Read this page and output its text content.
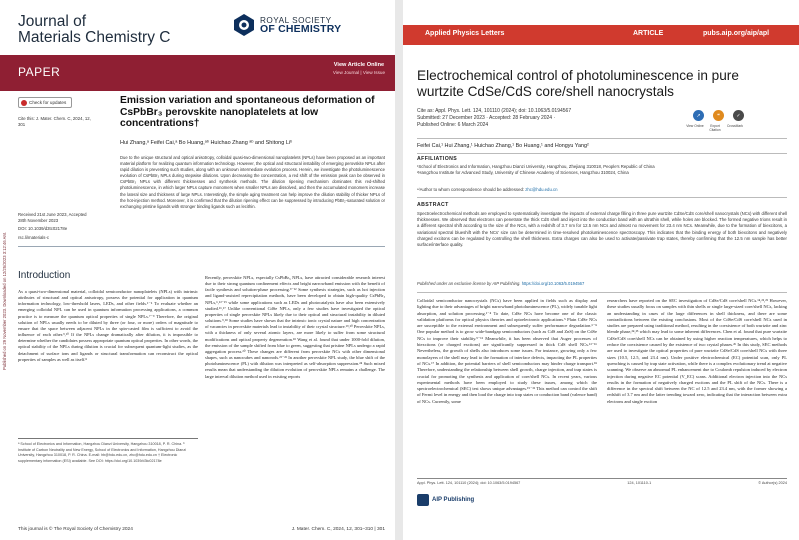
Published on 29 November 2023. Downloaded on 12/25/2023 3:12:46 AM.
Journal of
Materials Chemistry C
ROYAL SOCIETY
OF CHEMISTRY
PAPER	View Article Online
View Journal | View Issue
Check for updates
Cite this: J. Mater. Chem. C, 2024, 12, 301
Received 21st June 2023, Accepted 28th November 2023
DOI: 10.1039/d3tc02178e
rsc.li/materials-c
Emission variation and spontaneous deformation of CsPbBr₃ perovskite nanoplatelets at low concentrations†
Hui Zhang,ᵃ Feifei Cai,ᵃ Bo Huang,ᵃᵇ Huichao Zhang ᵃᵇ and Shitong Liᵇ
Due to the unique structural and optical anisotropy, colloidal quasi-two-dimensional nanoplatelets (NPLs) have been proposed as an important material platform for realizing quantum information technology. However, the optical and structural instability of emerging perovskite NPLs after rapid dilution is preventing such studies, along with an unknown intermediate evolution process. Herein, we investigate the photoluminescence evolution of CsPbBr₃ NPLs during stepwise dilutions. Upon decreasing the concentration, a red shift of the emission peak can be observed in CsPbBr₃ NPLs with different thicknesses and synthesis methods. The dilution ripening mechanism dominates this red-shifted photoluminescence, in which larger NPLs capture monomers when smaller NPLs are dissolved, and then the accumulated monomers increase the lateral size and thickness of large NPLs. Interestingly, the simple aging treatment can help improve the dilution stability of thicker NPLs of the hot-injection method. Moreover, it is confirmed that the dilution ripening effect can be suppressed by introducing PbBr₂-saturated solution or exchanging pristine ligands with stronger binding ligands such as lecithin.
Introduction
As a quasi-two-dimensional material, colloidal semiconductor nanoplatelets (NPLs) with intrinsic attributes of structural and optical anisotropy, possess the potential for application in quantum information technology, low-threshold lasers, LEDs, and other fields.¹⁻⁶ To evaluate whether an emerging colloidal NPL can be used in quantum information processing applications, a common practice is to measure the quantum optical properties of single NPLs.⁷⁻⁹ Therefore, the original solution of NPLs usually needs to be diluted by three (or four, or more) orders of magnitude to ensure that the space between adjacent NPLs in the spin-casted film is sufficient to avoid the influence of each other.⁹,¹⁰ If the NPLs change dramatically after dilution, it is impossible to determine whether the candidates possess appropriate quantum optical properties. In other words, the optical stability of the NPLs during dilution is crucial for subsequent quantum-light studies, as the detachment of surface ions and ligands or structural transformation can reconstruct the optical properties of samples as well as itself.⁸
Recently, perovskite NPLs, especially CsPbBr₃ NPLs, have attracted considerable research interest due to their strong quantum confinement effects and bright narrowband emission with the benefit of facile synthesis and solution-phase processing.⁹⁻¹² Some synthesis strategies, such as hot injection and ligand-assisted reprecipitation methods, have been developed to obtain high-quality CsPbBr₃ NPLs,⁶,¹³⁻¹⁵ while some applications such as LEDs and photocatalysis have also been extensively studied.¹⁶,¹⁷ Unlike conventional CdSe NPLs, only a few studies have investigated the optical properties of single perovskite NPLs likely due to their optical and structural instability in diluted solutions.⁹,¹⁸ Some studies have shown that the intrinsic ionic crystal nature and high concentration of vacancies in perovskite materials lead to instability of their crystal structure.¹⁹,²⁰ Perovskite NPLs, with a thickness of only several atomic layers, are more likely to suffer from some structural modifications and optical property degeneration.¹⁸ Wang et al. found that under 1000-fold dilution, the emission of the sample shifted from blue to green, suggesting that pristine NPLs undergo a rapid aggregation process.²⁰ These changes are different from perovskite NCs with other dimensional shapes, such as nanocubes and nanorods.²¹⁻²³ In another perovskite NPL study, the blue shift of the photoluminescence (PL) with dilution was interpreted as self-absorption suppression.²⁴ Such mixed results mean that understanding the dilution evolution of perovskite NPLs remains a challenge. The large interval dilution method used in existing reports
ᵃ School of Electronics and Information, Hangzhou Dianzi University, Hangzhou 310018, P. R. China. ᵇ Institute of Carbon Neutrality and New Energy, School of Electronics and Information, Hangzhou Dianzi University, Hangzhou 310018, P. R. China. E-mail: hb@hdu.edu.cn, zhc@hdu.edu.cn † Electronic supplementary information (ESI) available. See DOI: https://doi.org/10.1039/d3tc02178e
This journal is © The Royal Society of Chemistry 2024	J. Mater. Chem. C, 2024, 12, 301–310 | 301
Applied Physics Letters	ARTICLE	pubs.aip.org/aip/apl
Electrochemical control of photoluminescence in pure wurtzite CdSe/CdS core/shell nanocrystals
Cite as: Appl. Phys. Lett. 124, 101110 (2024); doi: 10.1063/5.0194567
Submitted: 27 December 2023 · Accepted: 28 February 2024 ·
Published Online: 6 March 2024
↗	❝	✓
View Online	Export Citation
CrossMark
Feifei Cai,¹ Hui Zhang,¹ Huichao Zhang,¹ Bo Huang,¹ and Hongyu Yang²
AFFILIATIONS
¹School of Electronics and Information, Hangzhou Dianzi University, Hangzhou, Zhejiang 310018, People's Republic of China
²Hangzhou Institute for Advanced Study, University of Chinese Academy of Sciences, Hangzhou 310024, China
ᵃ⁾Author to whom correspondence should be addressed: zhc@hdu.edu.cn
ABSTRACT
Spectroelectrochemical methods are employed to systematically investigate the impacts of external charge filling in three pure wurtzite CdSe/CdS core/shell nanocrystals (NCs) with different shell thicknesses. We observed that electrons can penetrate the thick CdS shell and inject into the conduction band with an ultrathin shell, while holes are blocked. The formed negative trions result in a different spectral shift according to the size of the NCs, with a redshift of 3.7 nm for 12.5 nm NCs and almost no movement for 23.4 nm NCs. Meanwhile, due to the formation of biexcitons, a variational spectral blueshift with the NCs' size can be determined in time-resolved photoluminescence spectroscopy. This indicates that the binding energy of both biexcitons and negatively charged excitons can be regulated by controlling the shell thickness. Extra charges can also be used to activate/passivate trap states, thereby confirming that the 12.5 nm sample has better surface/interface quality.
Published under an exclusive license by AIP Publishing. https://doi.org/10.1063/5.0194567
Colloidal semiconductor nanocrystals (NCs) have been applied in fields such as display and lighting due to their advantages of bright narrowband photoluminescence (PL), widely tunable light absorption, and solution processing.¹⁻⁴ To date, CdSe NCs have become one of the classic validation platforms for optical physics theories and optoelectronic applications.⁵ Plain CdSe NCs are susceptible to the external environment and subsequently suffer performance degradation.⁶⁻⁸ One popular method is to grow wide-bandgap semiconductors (such as CdS and ZnS) on the CdSe NCs to improve their stability.⁹⁻¹² Meanwhile, it has been observed that Auger processes of biexcitons (or charged excitons) are significantly suppressed in thick CdS shell NCs.¹³⁻¹⁶ Nevertheless, the growth of shells also introduces some issues. For instance, growing only a few monolayers of the shell may lead to the formation of interface defects, impacting the PL properties of NCs.¹⁷ In addition, the potential barriers of shell semiconductors may hinder charge transport.¹⁸ Therefore, understanding the relationship between shell growth, charge injection, and trap states is crucial for promoting the synthesis and application of core/shell NCs. In recent years, various experimental methods have been employed to study these issues, among which the spectroelectrochemical (SEC) test shows unique advantages.¹⁹⁻²¹ This method can control the shift of Fermi level in energy and then load the charge into trap states or conduction band (valence band) of NCs. Currently, some
researchers have reported on the SEC investigation of CdSe/CdS core/shell NCs.¹⁴,²²,²³ However, these studies usually focus on samples with thin shells or single large-sized core/shell NCs, lacking an understanding in cases of the large differences in shell thickness, and there are some contradictions between the existing conclusions. Most of the CdSe/CdS core/shell NCs used in studies are prepared using traditional method, resulting in the coexistence of both wurtzite and zinc blende phase,²⁴,²⁵ which may lead to some inherent differences. Chen et al. found that pure wurtzite CdSe/CdS core/shell NCs can be obtained by using higher reaction temperatures, which helps to reduce the coexistence caused by the existence of two crystal phases.²⁶ In this study, SEC methods are used to investigate the optical properties of pure wurtzite CdSe/CdS core/shell NCs with three sizes (10.5, 12.5, and 23.4 nm). Under positive electrochemical (EC) potential scan, only PL quenching is caused by trap state activation, while there is a complex evolutionary trend at negative scanning. We observe an abnormal PL enhancement due to Coulomb repulsion induced by electron injection during negative EC potential (V_EC) scans. Additional electron injection into the NCs results in the formation of negatively charged excitons and the PL shift of the NCs. There is a difference in the spectral shift between the NC of 12.5 and 23.4 nm, with the former showing a redshift of 3.7 nm and the latter trending toward zero, indicating that the interaction between extra electrons and single exciton
Appl. Phys. Lett. 124, 101110 (2024); doi: 10.1063/5.0194567	124, 101110-1	© Author(s) 2024
AIP Publishing
